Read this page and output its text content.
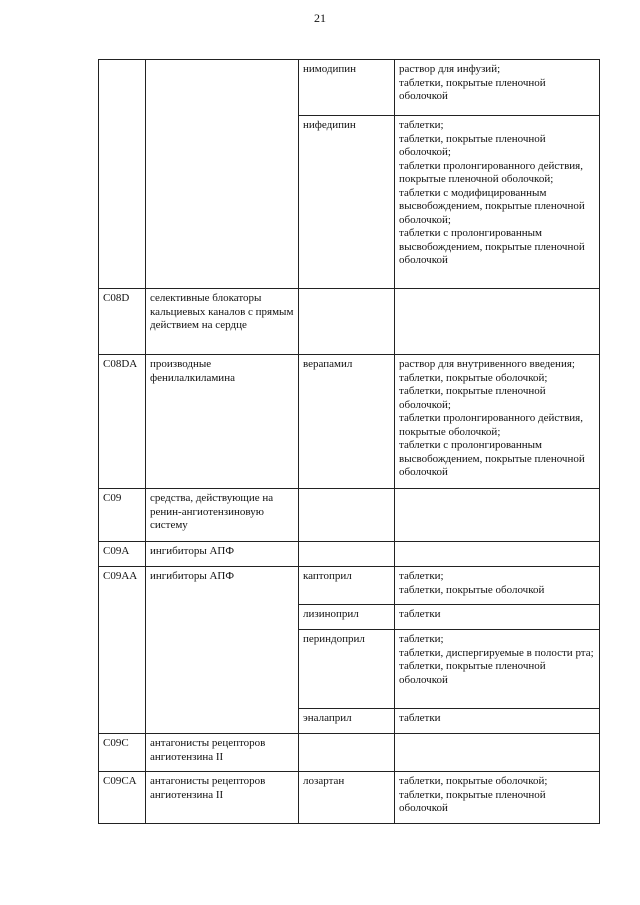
21
		нимодипин	раствор для инфузий;
таблетки, покрытые пленочной оболочкой

		нифедипин	таблетки;
таблетки, покрытые пленочной оболочкой;
таблетки пролонгированного действия, покрытые пленочной оболочкой;
таблетки с модифицированным высвобождением, покрытые пленочной оболочкой;
таблетки с пролонгированным высвобождением, покрытые пленочной оболочкой

C08D	селективные блокаторы кальциевых каналов с прямым действием на сердце		
C08DA	производные фенилалкиламина	верапамил	раствор для внутривенного введения;
таблетки, покрытые оболочкой;
таблетки, покрытые пленочной оболочкой;
таблетки пролонгированного действия, покрытые оболочкой;
таблетки с пролонгированным высвобождением, покрытые пленочной оболочкой

C09	средства, действующие на ренин-ангиотензиновую систему		
C09A	ингибиторы АПФ		
C09AA	ингибиторы АПФ	каптоприл	таблетки;
таблетки, покрытые оболочкой

		лизиноприл	таблетки

		периндоприл	таблетки;
таблетки, диспергируемые в полости рта;
таблетки, покрытые пленочной оболочкой

		эналаприл	таблетки

C09C	антагонисты рецепторов ангиотензина II		
C09CA	антагонисты рецепторов ангиотензина II	лозартан	таблетки, покрытые оболочкой;
таблетки, покрытые пленочной оболочкой
